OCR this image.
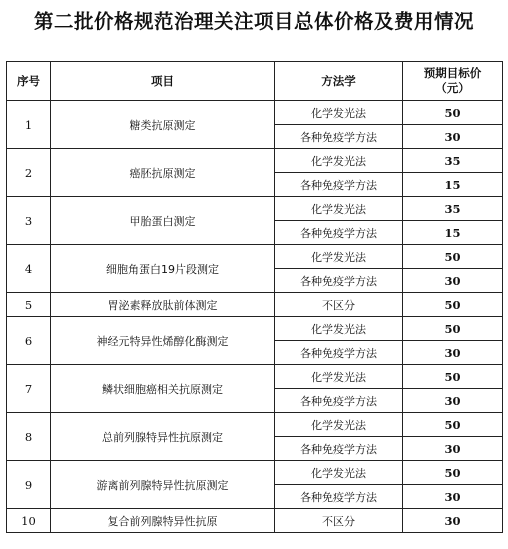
第二批价格规范治理关注项目总体价格及费用情况
序号	项目	方法学	预期目标价
（元）
1	糖类抗原测定	化学发光法	50
		各种免疫学方法	30
2	癌胚抗原测定	化学发光法	35
		各种免疫学方法	15
3	甲胎蛋白测定	化学发光法	35
		各种免疫学方法	15
4	细胞角蛋白19片段测定	化学发光法	50
		各种免疫学方法	30
5	胃泌素释放肽前体测定	不区分	50
6	神经元特异性烯醇化酶测定	化学发光法	50
		各种免疫学方法	30
7	鳞状细胞癌相关抗原测定	化学发光法	50
		各种免疫学方法	30
8	总前列腺特异性抗原测定	化学发光法	50
		各种免疫学方法	30
9	游离前列腺特异性抗原测定	化学发光法	50
		各种免疫学方法	30
10	复合前列腺特异性抗原	不区分	30
